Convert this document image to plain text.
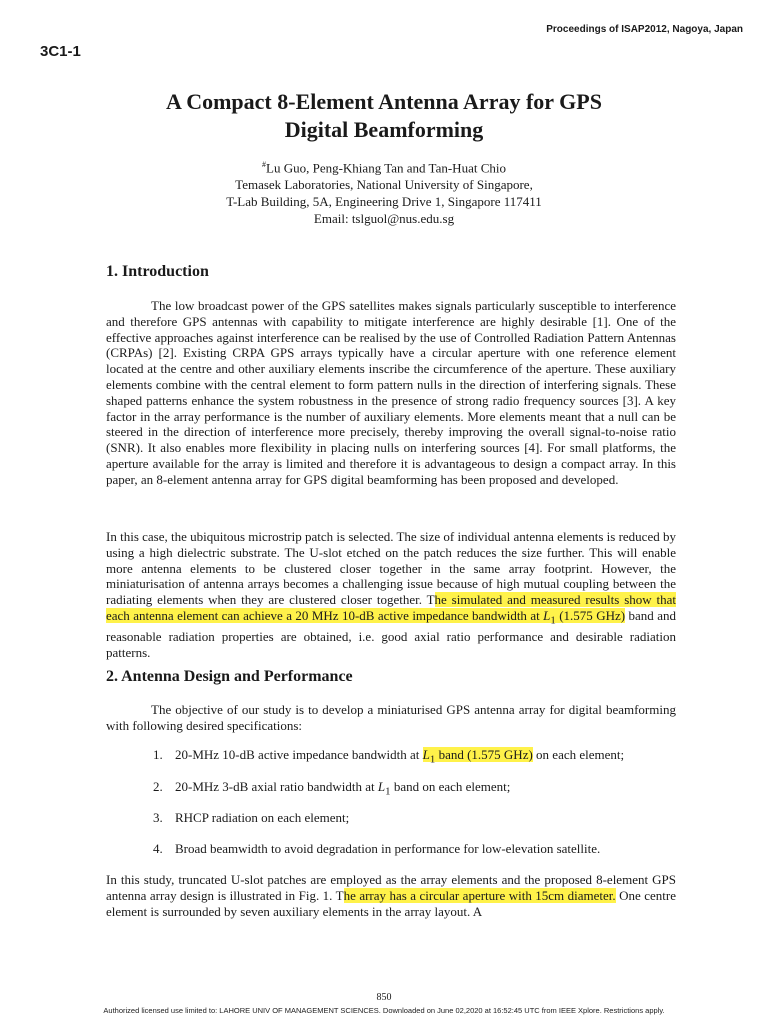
Proceedings of ISAP2012, Nagoya, Japan
3C1-1
A Compact 8-Element Antenna Array for GPS
Digital Beamforming
#Lu Guo, Peng-Khiang Tan and Tan-Huat Chio
Temasek Laboratories, National University of Singapore,
T-Lab Building, 5A, Engineering Drive 1, Singapore 117411
Email: tslguol@nus.edu.sg
1. Introduction

The low broadcast power of the GPS satellites makes signals particularly susceptible to interference and therefore GPS antennas with capability to mitigate interference are highly desirable [1]. One of the effective approaches against interference can be realised by the use of Controlled Radiation Pattern Antennas (CRPAs) [2]. Existing CRPA GPS arrays typically have a circular aperture with one reference element located at the centre and other auxiliary elements inscribe the circumference of the aperture. These auxiliary elements combine with the central element to form pattern nulls in the direction of interfering signals. These shaped patterns enhance the system robustness in the presence of strong radio frequency sources [3]. A key factor in the array performance is the number of auxiliary elements. More elements meant that a null can be steered in the direction of interference more precisely, thereby improving the overall signal-to-noise ratio (SNR). It also enables more flexibility in placing nulls on interfering sources [4]. For small platforms, the aperture available for the array is limited and therefore it is advantageous to design a compact array. In this paper, an 8-element antenna array for GPS digital beamforming has been proposed and developed.

In this case, the ubiquitous microstrip patch is selected. The size of individual antenna elements is reduced by using a high dielectric substrate. The U-slot etched on the patch reduces the size further. This will enable more antenna elements to be clustered closer together in the same array footprint. However, the miniaturisation of antenna arrays becomes a challenging issue because of high mutual coupling between the radiating elements when they are clustered closer together. The simulated and measured results show that each antenna element can achieve a 20 MHz 10-dB active impedance bandwidth at $L_1$ (1.575 GHz) band and reasonable radiation properties are obtained, i.e. good axial ratio performance and desirable radiation patterns.

2. Antenna Design and Performance

The objective of our study is to develop a miniaturised GPS antenna array for digital beamforming with following desired specifications:

1. 20-MHz 10-dB active impedance bandwidth at $L_1$ band (1.575 GHz) on each element;
2. 20-MHz 3-dB axial ratio bandwidth at $L_1$ band on each element;
3. RHCP radiation on each element;
4. Broad beamwidth to avoid degradation in performance for low-elevation satellite.

In this study, truncated U-slot patches are employed as the array elements and the proposed 8-element GPS antenna array design is illustrated in Fig. 1. The array has a circular aperture with 15cm diameter. One centre element is surrounded by seven auxiliary elements in the array layout. A

850
Authorized licensed use limited to: LAHORE UNIV OF MANAGEMENT SCIENCES. Downloaded on June 02,2020 at 16:52:45 UTC from IEEE Xplore. Restrictions apply.
